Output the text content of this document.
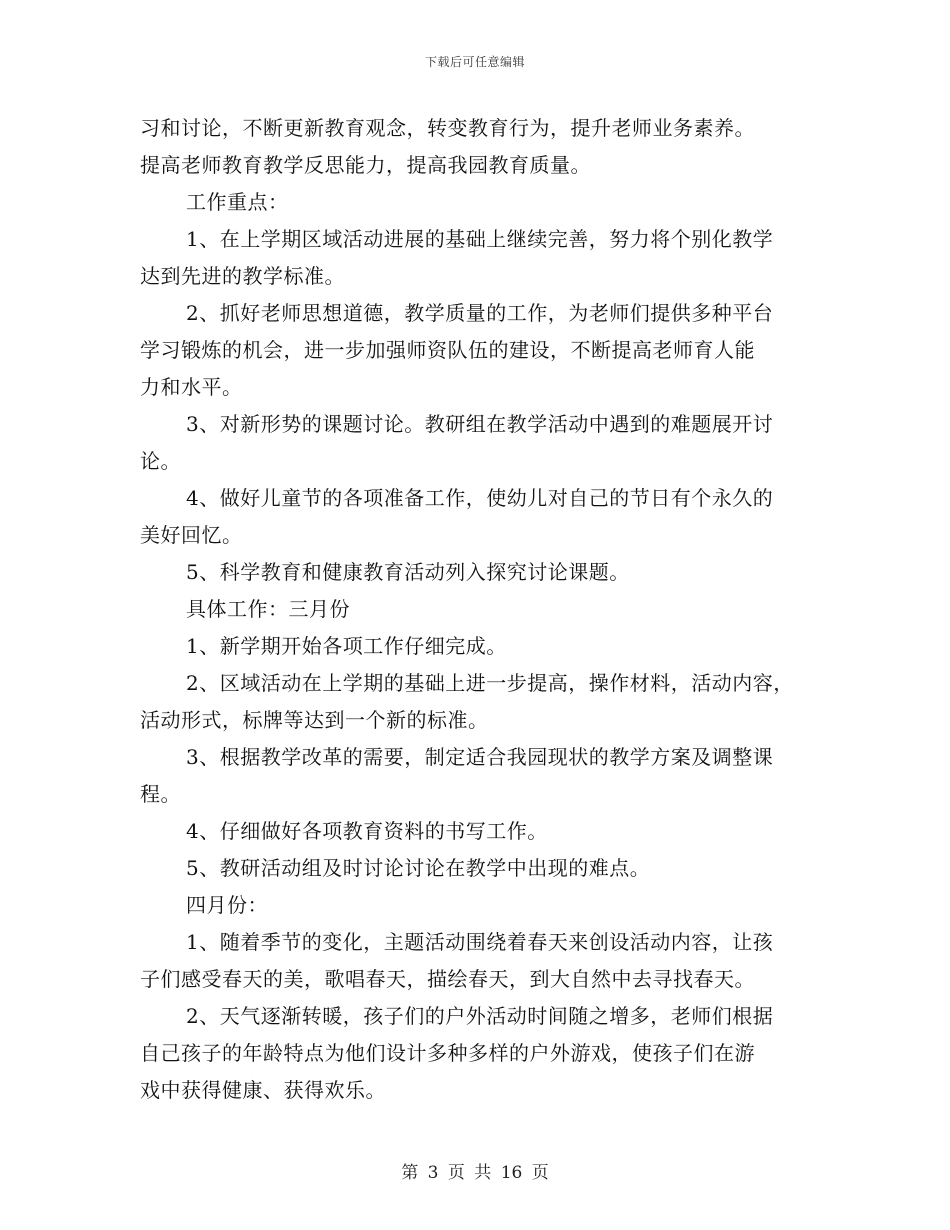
下载后可任意编辑
习和讨论，不断更新教育观念，转变教育行为，提升老师业务素养。
提高老师教育教学反思能力，提高我园教育质量。
工作重点：
1、在上学期区域活动进展的基础上继续完善，努力将个别化教学
达到先进的教学标准。
2、抓好老师思想道德，教学质量的工作，为老师们提供多种平台
学习锻炼的机会，进一步加强师资队伍的建设，不断提高老师育人能
力和水平。
3、对新形势的课题讨论。教研组在教学活动中遇到的难题展开讨
论。
4、做好儿童节的各项准备工作，使幼儿对自己的节日有个永久的
美好回忆。
5、科学教育和健康教育活动列入探究讨论课题。
具体工作：三月份
1、新学期开始各项工作仔细完成。
2、区域活动在上学期的基础上进一步提高，操作材料，活动内容，
活动形式，标牌等达到一个新的标准。
3、根据教学改革的需要，制定适合我园现状的教学方案及调整课
程。
4、仔细做好各项教育资料的书写工作。
5、教研活动组及时讨论讨论在教学中出现的难点。
四月份：
1、随着季节的变化，主题活动围绕着春天来创设活动内容，让孩
子们感受春天的美，歌唱春天，描绘春天，到大自然中去寻找春天。
2、天气逐渐转暖，孩子们的户外活动时间随之增多，老师们根据
自己孩子的年龄特点为他们设计多种多样的户外游戏，使孩子们在游
戏中获得健康、获得欢乐。
第 3 页 共 16 页
